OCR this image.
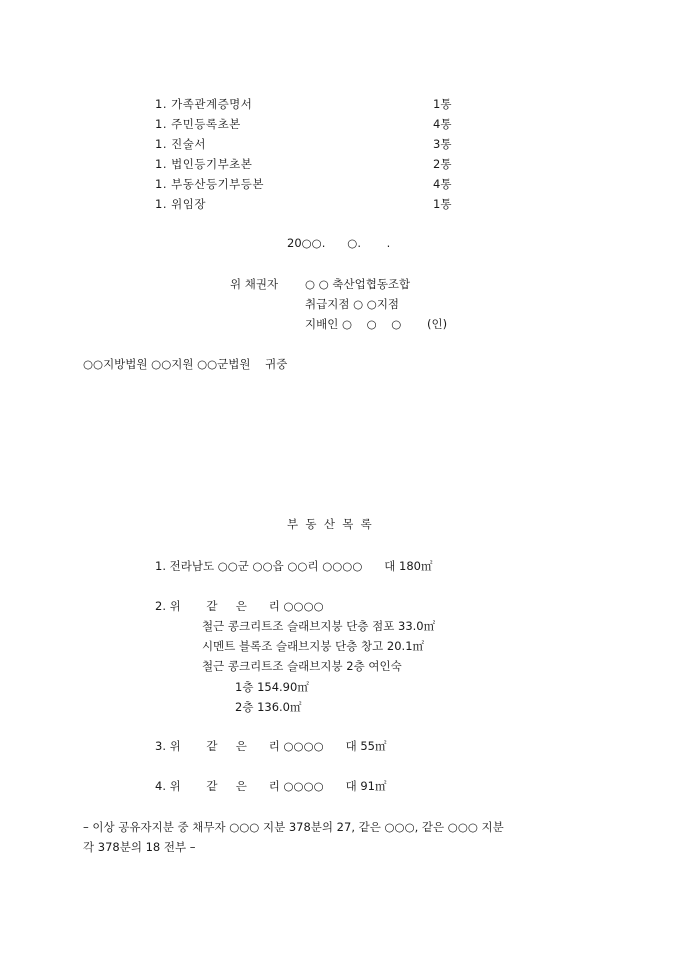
1. 가족관계증명서	1통
1. 주민등록초본	4통
1. 진술서	3통
1. 법인등기부초본	2통
1. 부동산등기부등본	4통
1. 위임장	1통
20○○.      ○.       .
위 채권자 ○ ○ 축산업협동조합
취급지점 ○ ○지점
지배인 ○    ○    ○ (인)
○○지방법원 ○○지원 ○○군법원    귀중
부  동  산  목  록
1. 전라남도 ○○군 ○○읍 ○○리 ○○○○      대 180㎡
2. 위       같     은      리 ○○○○
철근 콩크리트조 슬래브지붕 단층 점포 33.0㎡
시멘트 블록조 슬래브지붕 단층 창고 20.1㎡
철근 콩크리트조 슬래브지붕 2층 여인숙
1층 154.90㎡
2층 136.0㎡
3. 위       같     은      리 ○○○○      대 55㎡
4. 위       같     은      리 ○○○○      대 91㎡
– 이상 공유자지분 중 채무자 ○○○ 지분 378분의 27, 같은 ○○○, 같은 ○○○ 지분
각 378분의 18 전부 –
